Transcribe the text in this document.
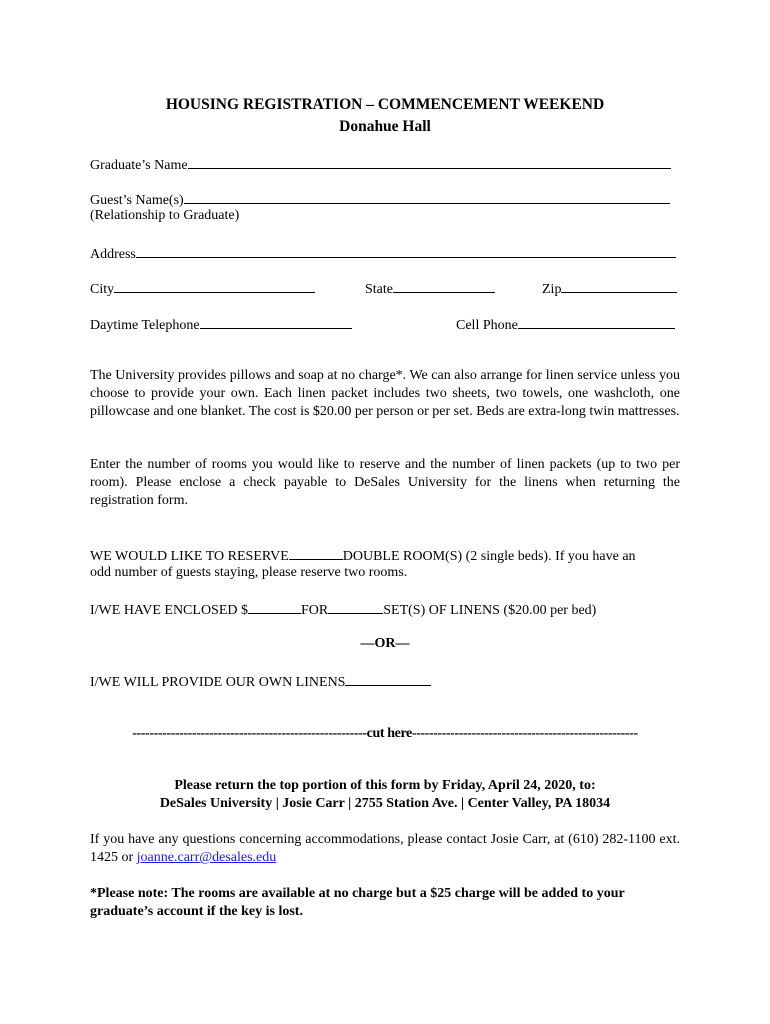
HOUSING REGISTRATION – COMMENCEMENT WEEKEND
Donahue Hall
Graduate’s Name
Guest’s Name(s)
(Relationship to Graduate)
Address
City	State	Zip
Daytime Telephone	Cell Phone
The University provides pillows and soap at no charge*. We can also arrange for linen service unless you choose to provide your own. Each linen packet includes two sheets, two towels, one washcloth, one pillowcase and one blanket. The cost is $20.00 per person or per set. Beds are extra-long twin mattresses.
Enter the number of rooms you would like to reserve and the number of linen packets (up to two per room). Please enclose a check payable to DeSales University for the linens when returning the registration form.
WE WOULD LIKE TO RESERVE	DOUBLE ROOM(S) (2 single beds). If you have an
odd number of guests staying, please reserve two rooms.
I/WE HAVE ENCLOSED $	FOR	SET(S) OF LINENS ($20.00 per bed)
—OR—
I/WE WILL PROVIDE OUR OWN LINENS
-------------------------------------------------------cut here-----------------------------------------------------
Please return the top portion of this form by Friday, April 24, 2020, to:
DeSales University | Josie Carr | 2755 Station Ave. | Center Valley, PA 18034
If you have any questions concerning accommodations, please contact Josie Carr, at (610) 282-1100 ext. 1425 or joanne.carr@desales.edu
*Please note: The rooms are available at no charge but a $25 charge will be added to your graduate’s account if the key is lost.
